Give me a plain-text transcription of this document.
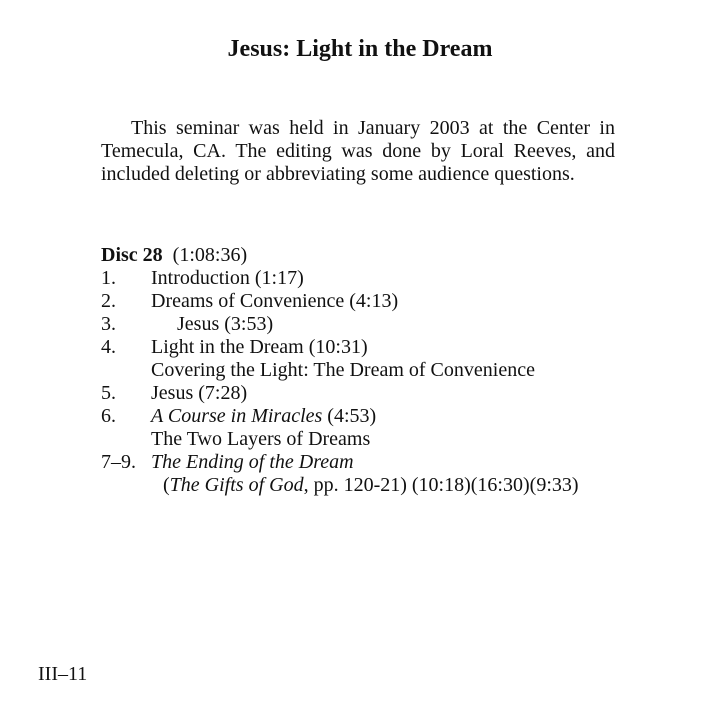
Jesus: Light in the Dream

This seminar was held in January 2003 at the Center in Temecula, CA. The editing was done by Loral Reeves, and included deleting or abbreviating some audience questions.

Disc 28 (1:08:36)
1. Introduction (1:17)
2. Dreams of Convenience (4:13)
3.	Jesus (3:53)
4. Light in the Dream (10:31)
Covering the Light: The Dream of Convenience
5. Jesus (7:28)
6. A Course in Miracles (4:53)
The Two Layers of Dreams
7–9. The Ending of the Dream
(The Gifts of God, pp. 120-21) (10:18)(16:30)(9:33)

III–11
